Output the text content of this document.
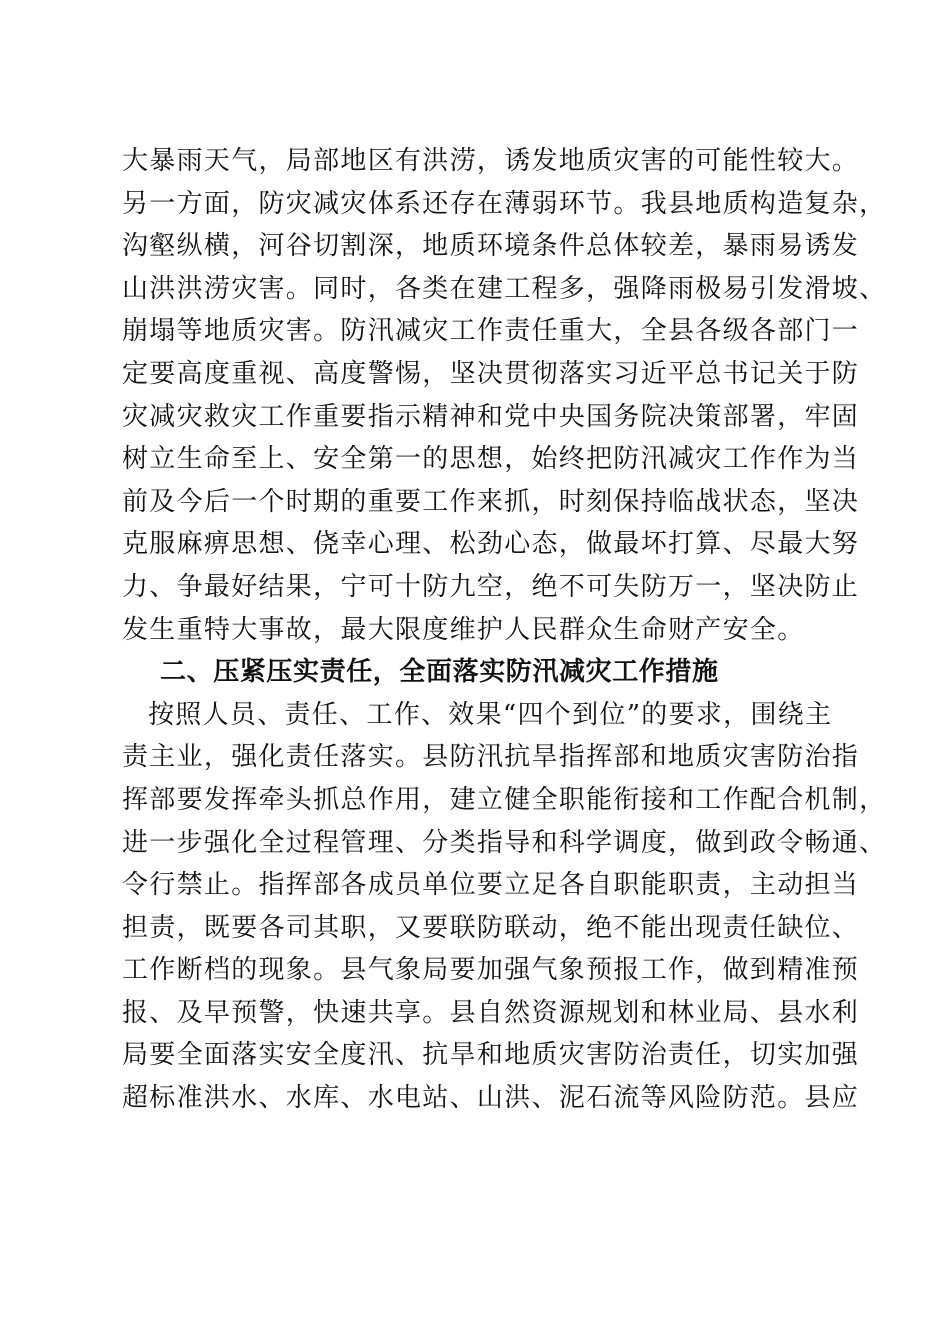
大暴雨天气，局部地区有洪涝，诱发地质灾害的可能性较大。
另一方面，防灾减灾体系还存在薄弱环节。我县地质构造复杂，
沟壑纵横，河谷切割深，地质环境条件总体较差，暴雨易诱发
山洪洪涝灾害。同时，各类在建工程多，强降雨极易引发滑坡、
崩塌等地质灾害。防汛减灾工作责任重大，全县各级各部门一
定要高度重视、高度警惕，坚决贯彻落实习近平总书记关于防
灾减灾救灾工作重要指示精神和党中央国务院决策部署，牢固
树立生命至上、安全第一的思想，始终把防汛减灾工作作为当
前及今后一个时期的重要工作来抓，时刻保持临战状态，坚决
克服麻痹思想、侥幸心理、松劲心态，做最坏打算、尽最大努
力、争最好结果，宁可十防九空，绝不可失防万一，坚决防止
发生重特大事故，最大限度维护人民群众生命财产安全。
二、压紧压实责任，全面落实防汛减灾工作措施
按照人员、责任、工作、效果“四个到位”的要求，围绕主
责主业，强化责任落实。县防汛抗旱指挥部和地质灾害防治指
挥部要发挥牵头抓总作用，建立健全职能衔接和工作配合机制，
进一步强化全过程管理、分类指导和科学调度，做到政令畅通、
令行禁止。指挥部各成员单位要立足各自职能职责，主动担当
担责，既要各司其职，又要联防联动，绝不能出现责任缺位、
工作断档的现象。县气象局要加强气象预报工作，做到精准预
报、及早预警，快速共享。县自然资源规划和林业局、县水利
局要全面落实安全度汛、抗旱和地质灾害防治责任，切实加强
超标准洪水、水库、水电站、山洪、泥石流等风险防范。县应
